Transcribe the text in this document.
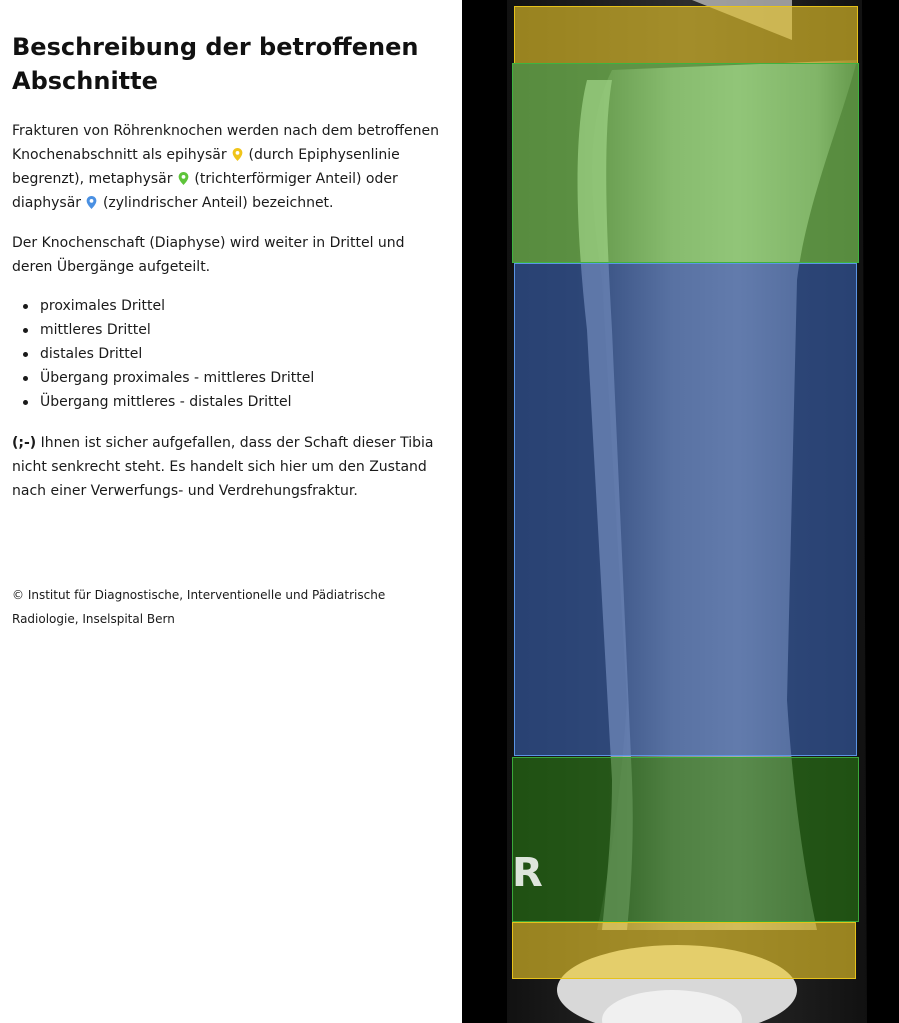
Beschreibung der betroffenen Abschnitte

Frakturen von Röhrenknochen werden nach dem betroffenen Knochenabschnitt als epihysär (durch Epiphysenlinie begrenzt), metaphysär (trichterförmiger Anteil) oder diaphysär (zylindrischer Anteil) bezeichnet.

Der Knochenschaft (Diaphyse) wird weiter in Drittel und deren Übergänge aufgeteilt.

proximales Drittel
mittleres Drittel
distales Drittel
Übergang proximales - mittleres Drittel
Übergang mittleres - distales Drittel

(;-) Ihnen ist sicher aufgefallen, dass der Schaft dieser Tibia nicht senkrecht steht. Es handelt sich hier um den Zustand nach einer Verwerfungs- und Verdrehungsfraktur.

© Institut für Diagnostische, Interventionelle und Pädiatrische Radiologie, Inselspital Bern

R
